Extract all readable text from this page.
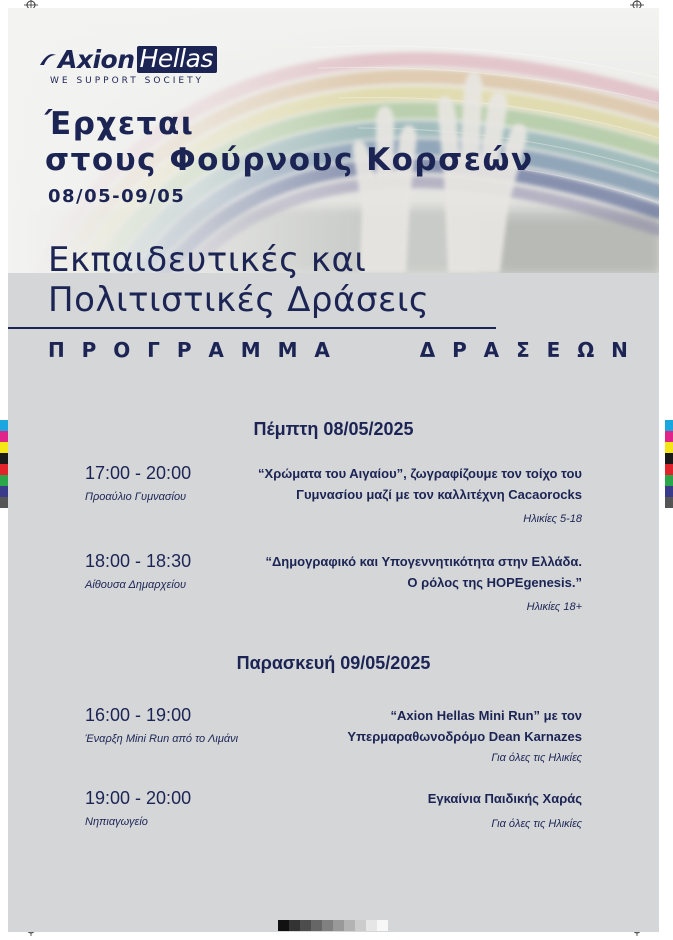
Axion Hellas
WE SUPPORT SOCIETY
Έρχεται
στους Φούρνους Κορσεών
08/05-09/05
Εκπαιδευτικές και
Πολιτιστικές Δράσεις
Π Ρ Ο Γ Ρ Α Μ Μ Α	Δ Ρ Α Σ Ε Ω Ν
Πέμπτη 08/05/2025
17:00 - 20:00
Προαύλιο Γυμνασίου
“Χρώματα του Αιγαίου”, ζωγραφίζουμε τον τοίχο του
Γυμνασίου μαζί με τον καλλιτέχνη Cacaorocks
Ηλικίες 5-18
18:00 - 18:30
Αίθουσα Δημαρχείου
“Δημογραφικό και Υπογεννητικότητα στην Ελλάδα.
Ο ρόλος της HOPEgenesis.”
Ηλικίες 18+
Παρασκευή 09/05/2025
16:00 - 19:00
Έναρξη Mini Run από το Λιμάνι
“Axion Hellas Mini Run” με τον
Υπερμαραθωνοδρόμο Dean Karnazes
Για όλες τις Ηλικίες
19:00 - 20:00
Νηπιαγωγείο
Εγκαίνια Παιδικής Χαράς
Για όλες τις Ηλικίες
